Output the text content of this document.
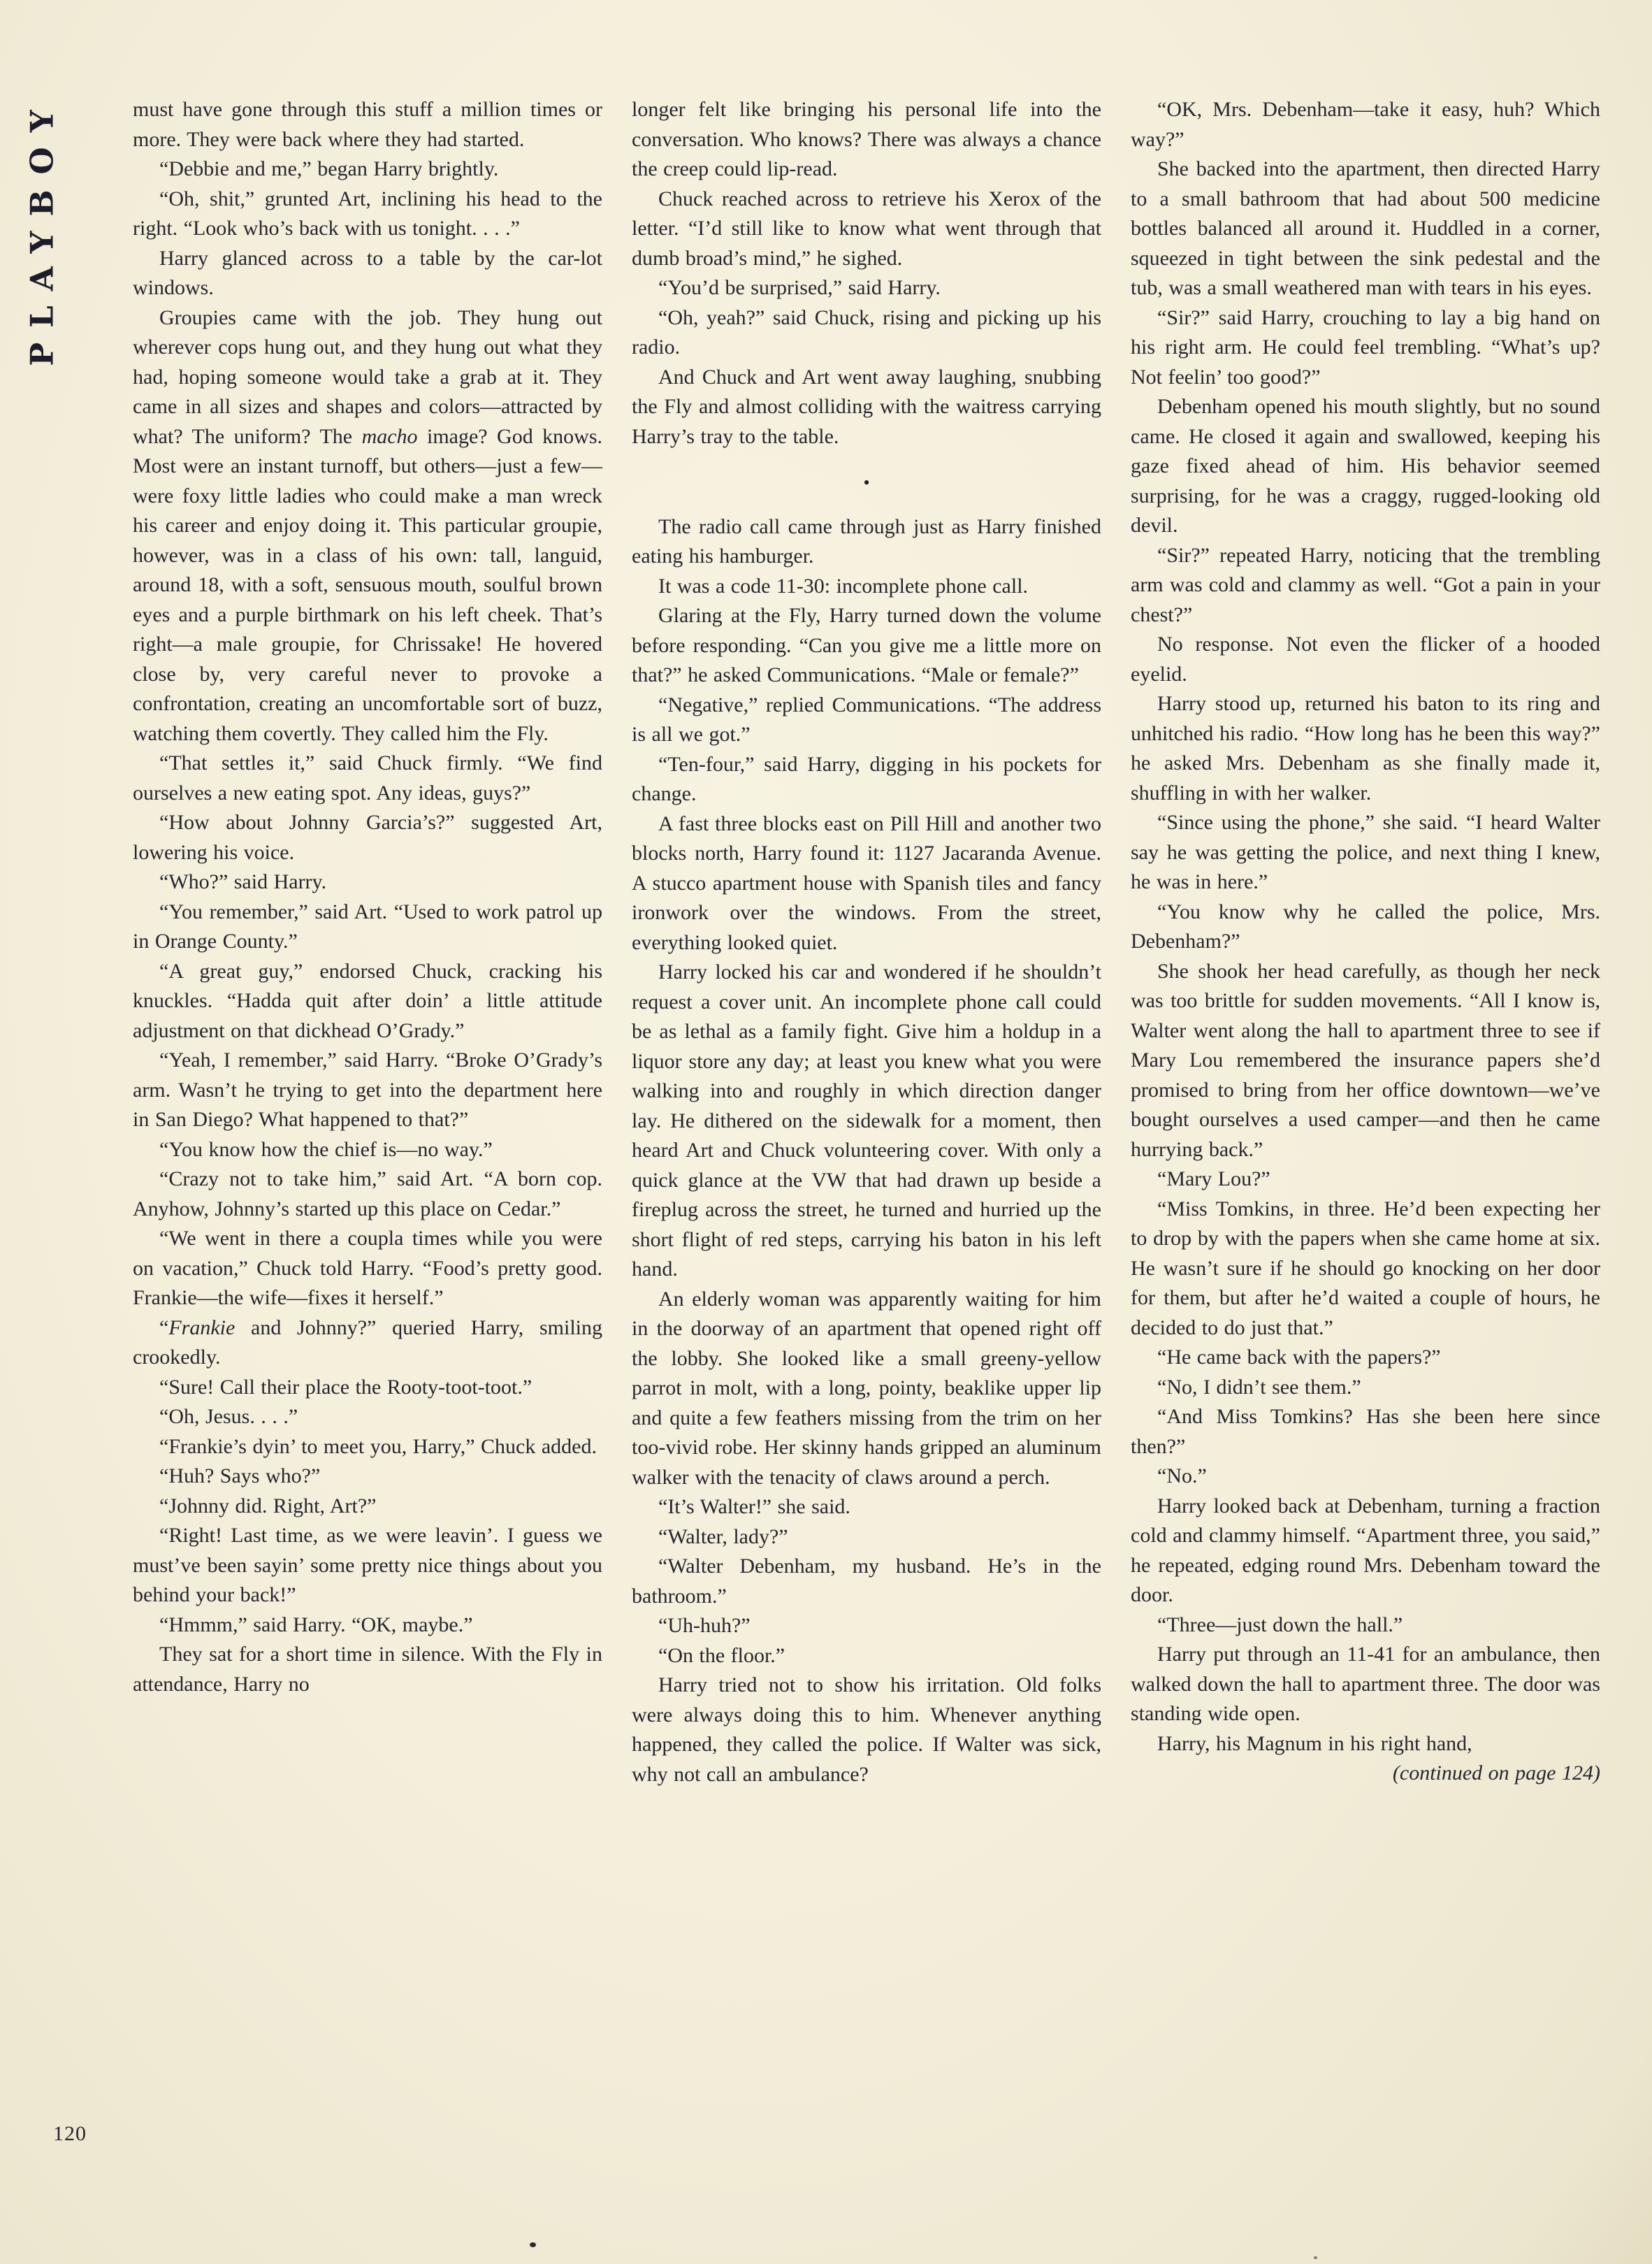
PLAYBOY
120

must have gone through this stuff a million times or more. They were back where they had started.

“Debbie and me,” began Harry brightly.

“Oh, shit,” grunted Art, inclining his head to the right. “Look who’s back with us tonight. . . .”

Harry glanced across to a table by the car-lot windows.

Groupies came with the job. They hung out wherever cops hung out, and they hung out what they had, hoping someone would take a grab at it. They came in all sizes and shapes and colors—attracted by what? The uniform? The macho image? God knows. Most were an instant turnoff, but others—just a few—were foxy little ladies who could make a man wreck his career and enjoy doing it. This particular groupie, however, was in a class of his own: tall, languid, around 18, with a soft, sensuous mouth, soulful brown eyes and a purple birthmark on his left cheek. That’s right—a male groupie, for Chrissake! He hovered close by, very careful never to provoke a confrontation, creating an uncomfortable sort of buzz, watching them covertly. They called him the Fly.

“That settles it,” said Chuck firmly. “We find ourselves a new eating spot. Any ideas, guys?”

“How about Johnny Garcia’s?” suggested Art, lowering his voice.

“Who?” said Harry.

“You remember,” said Art. “Used to work patrol up in Orange County.”

“A great guy,” endorsed Chuck, cracking his knuckles. “Hadda quit after doin’ a little attitude adjustment on that dickhead O’Grady.”

“Yeah, I remember,” said Harry. “Broke O’Grady’s arm. Wasn’t he trying to get into the department here in San Diego? What happened to that?”

“You know how the chief is—no way.”

“Crazy not to take him,” said Art. “A born cop. Anyhow, Johnny’s started up this place on Cedar.”

“We went in there a coupla times while you were on vacation,” Chuck told Harry. “Food’s pretty good. Frankie—the wife—fixes it herself.”

“Frankie and Johnny?” queried Harry, smiling crookedly.

“Sure! Call their place the Rooty-toot-toot.”

“Oh, Jesus. . . .”

“Frankie’s dyin’ to meet you, Harry,” Chuck added.

“Huh? Says who?”

“Johnny did. Right, Art?”

“Right! Last time, as we were leavin’. I guess we must’ve been sayin’ some pretty nice things about you behind your back!”

“Hmmm,” said Harry. “OK, maybe.”

They sat for a short time in silence. With the Fly in attendance, Harry no

longer felt like bringing his personal life into the conversation. Who knows? There was always a chance the creep could lip-read.

Chuck reached across to retrieve his Xerox of the letter. “I’d still like to know what went through that dumb broad’s mind,” he sighed.

“You’d be surprised,” said Harry.

“Oh, yeah?” said Chuck, rising and picking up his radio.

And Chuck and Art went away laughing, snubbing the Fly and almost colliding with the waitress carrying Harry’s tray to the table.

•

The radio call came through just as Harry finished eating his hamburger.

It was a code 11-30: incomplete phone call.

Glaring at the Fly, Harry turned down the volume before responding. “Can you give me a little more on that?” he asked Communications. “Male or female?”

“Negative,” replied Communications. “The address is all we got.”

“Ten-four,” said Harry, digging in his pockets for change.

A fast three blocks east on Pill Hill and another two blocks north, Harry found it: 1127 Jacaranda Avenue. A stucco apartment house with Spanish tiles and fancy ironwork over the windows. From the street, everything looked quiet.

Harry locked his car and wondered if he shouldn’t request a cover unit. An incomplete phone call could be as lethal as a family fight. Give him a holdup in a liquor store any day; at least you knew what you were walking into and roughly in which direction danger lay. He dithered on the sidewalk for a moment, then heard Art and Chuck volunteering cover. With only a quick glance at the VW that had drawn up beside a fireplug across the street, he turned and hurried up the short flight of red steps, carrying his baton in his left hand.

An elderly woman was apparently waiting for him in the doorway of an apartment that opened right off the lobby. She looked like a small greeny-yellow parrot in molt, with a long, pointy, beaklike upper lip and quite a few feathers missing from the trim on her too-vivid robe. Her skinny hands gripped an aluminum walker with the tenacity of claws around a perch.

“It’s Walter!” she said.

“Walter, lady?”

“Walter Debenham, my husband. He’s in the bathroom.”

“Uh-huh?”

“On the floor.”

Harry tried not to show his irritation. Old folks were always doing this to him. Whenever anything happened, they called the police. If Walter was sick, why not call an ambulance?

“OK, Mrs. Debenham—take it easy, huh? Which way?”

She backed into the apartment, then directed Harry to a small bathroom that had about 500 medicine bottles balanced all around it. Huddled in a corner, squeezed in tight between the sink pedestal and the tub, was a small weathered man with tears in his eyes.

“Sir?” said Harry, crouching to lay a big hand on his right arm. He could feel trembling. “What’s up? Not feelin’ too good?”

Debenham opened his mouth slightly, but no sound came. He closed it again and swallowed, keeping his gaze fixed ahead of him. His behavior seemed surprising, for he was a craggy, rugged-looking old devil.

“Sir?” repeated Harry, noticing that the trembling arm was cold and clammy as well. “Got a pain in your chest?”

No response. Not even the flicker of a hooded eyelid.

Harry stood up, returned his baton to its ring and unhitched his radio. “How long has he been this way?” he asked Mrs. Debenham as she finally made it, shuffling in with her walker.

“Since using the phone,” she said. “I heard Walter say he was getting the police, and next thing I knew, he was in here.”

“You know why he called the police, Mrs. Debenham?”

She shook her head carefully, as though her neck was too brittle for sudden movements. “All I know is, Walter went along the hall to apartment three to see if Mary Lou remembered the insurance papers she’d promised to bring from her office downtown—we’ve bought ourselves a used camper—and then he came hurrying back.”

“Mary Lou?”

“Miss Tomkins, in three. He’d been expecting her to drop by with the papers when she came home at six. He wasn’t sure if he should go knocking on her door for them, but after he’d waited a couple of hours, he decided to do just that.”

“He came back with the papers?”

“No, I didn’t see them.”

“And Miss Tomkins? Has she been here since then?”

“No.”

Harry looked back at Debenham, turning a fraction cold and clammy himself. “Apartment three, you said,” he repeated, edging round Mrs. Debenham toward the door.

“Three—just down the hall.”

Harry put through an 11-41 for an ambulance, then walked down the hall to apartment three. The door was standing wide open.

Harry, his Magnum in his right hand,

(continued on page 124)
